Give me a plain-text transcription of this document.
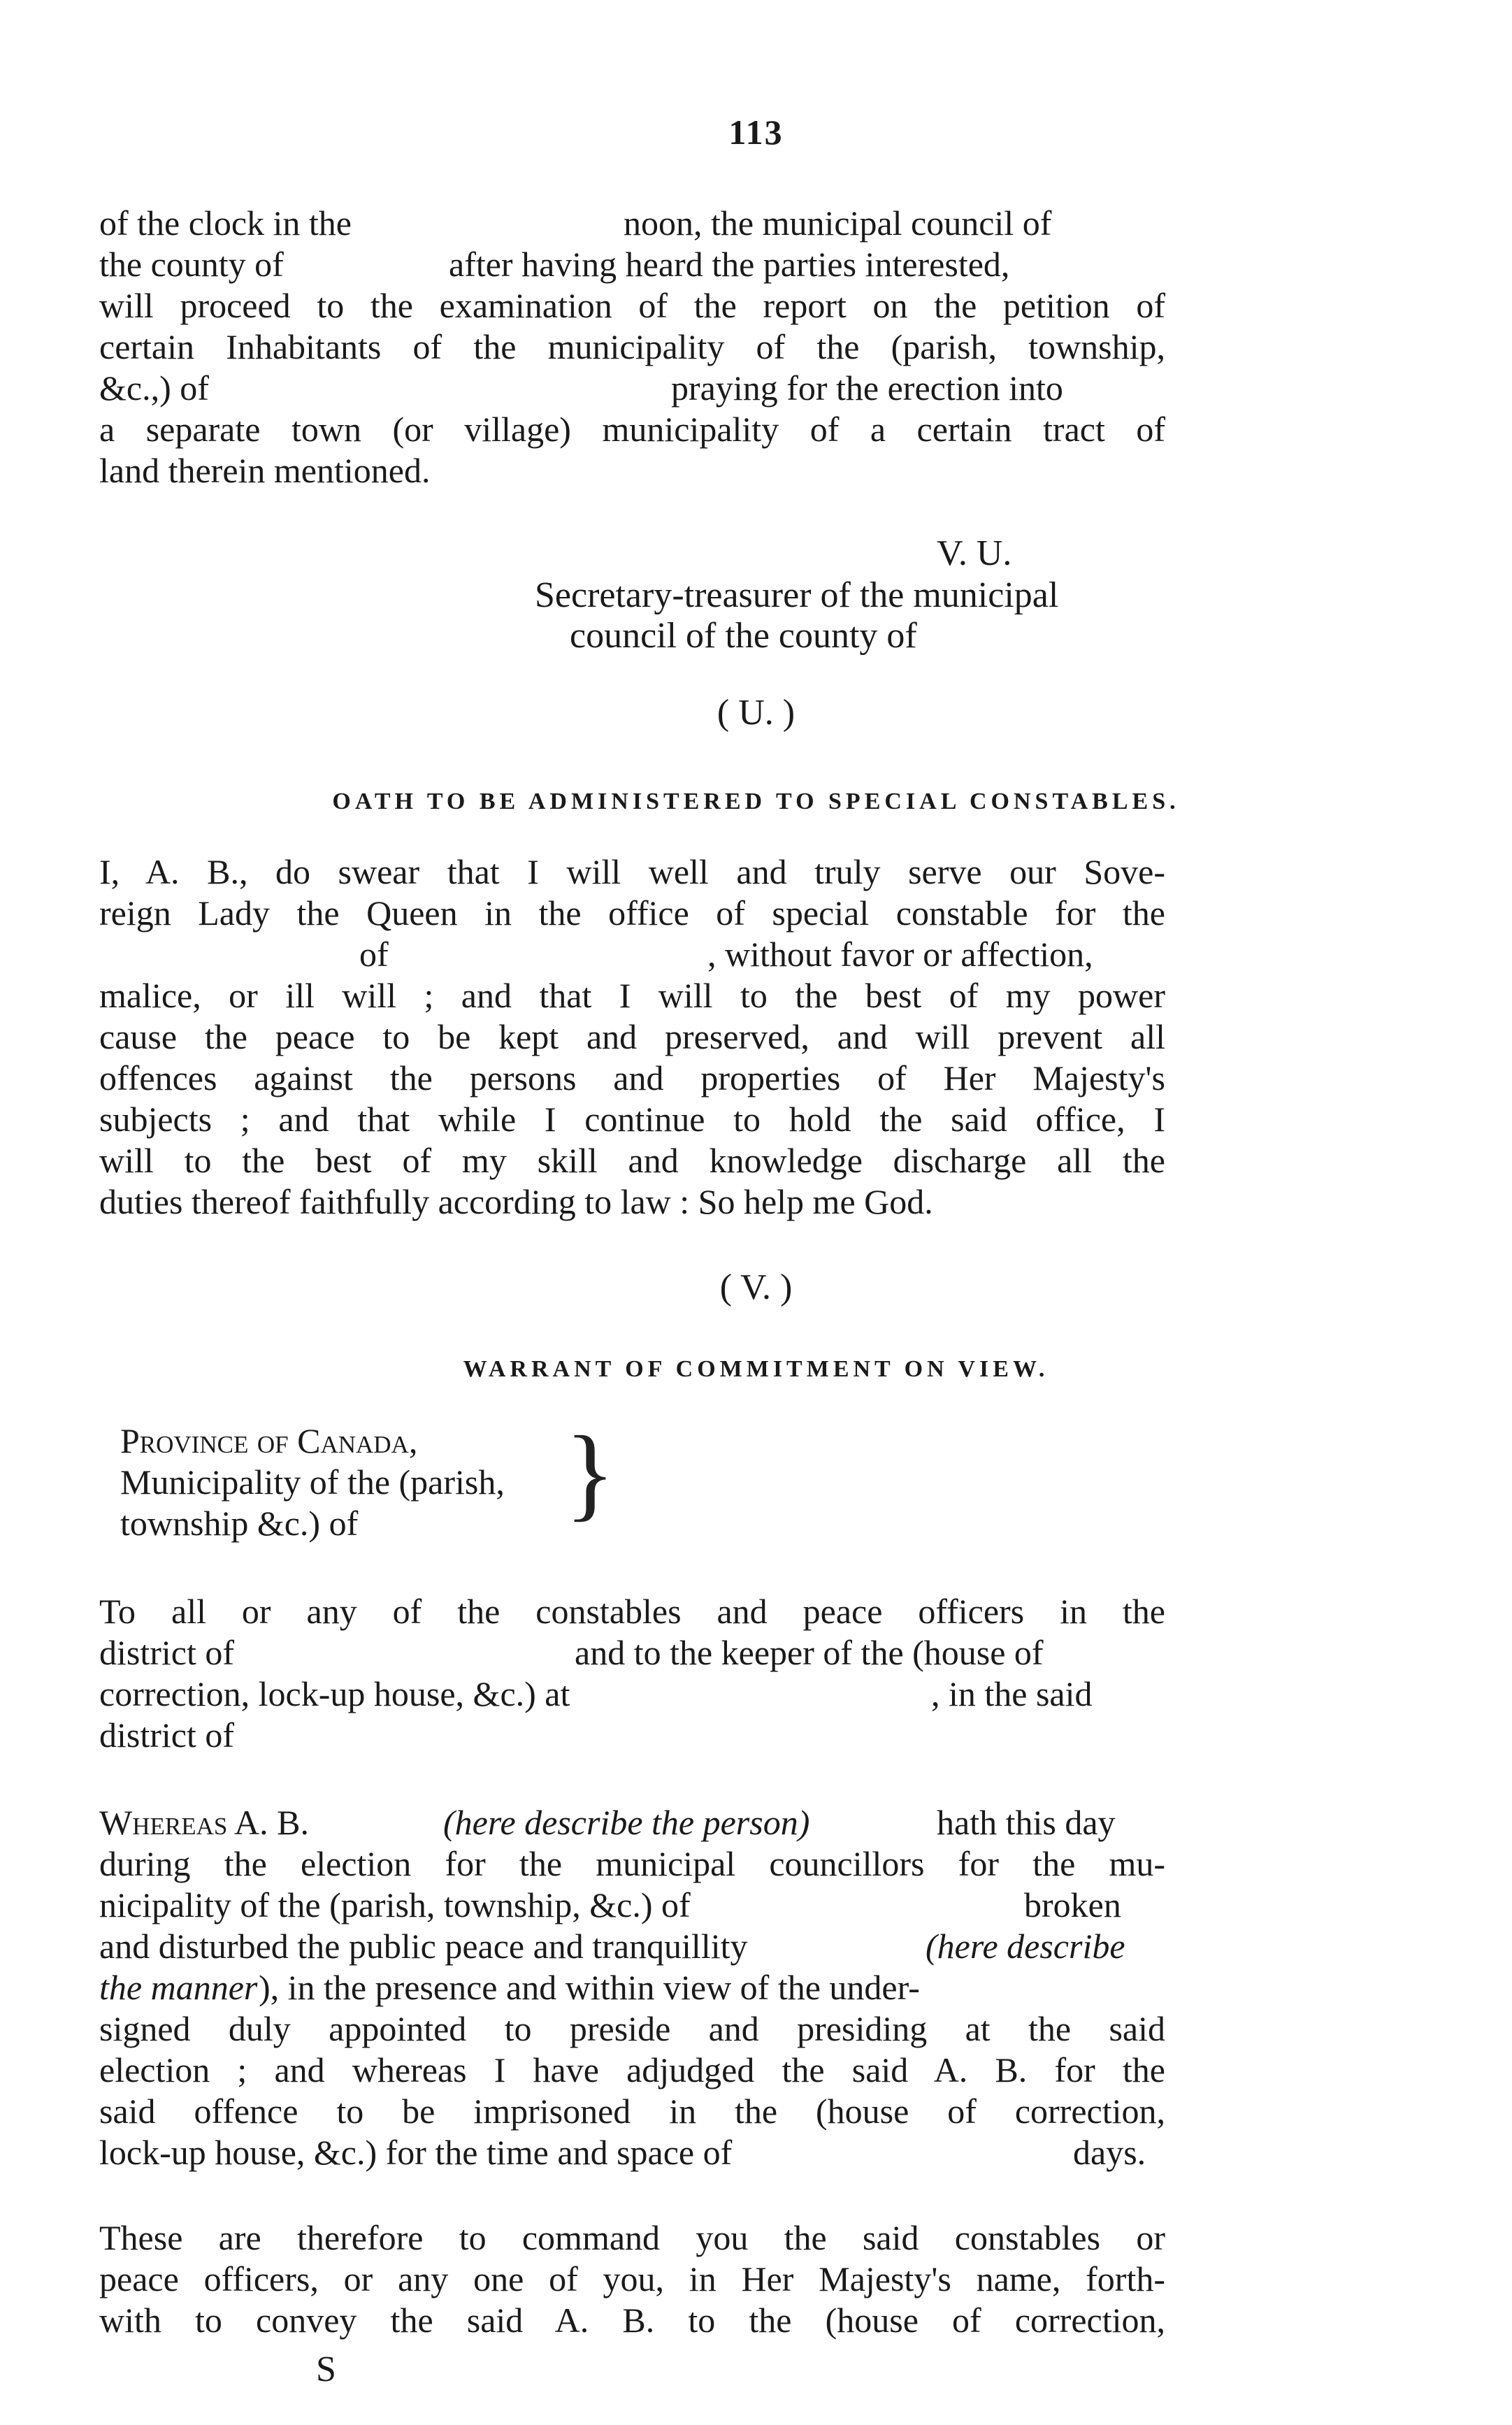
113
of the clock in the	noon, the municipal council of
the county of	after having heard the parties interested,
will proceed to the examination of the report on the petition of
certain Inhabitants of the municipality of the (parish, township,
&c.,) of	praying for the erection into
a separate town (or village) municipality of a certain tract of
land therein mentioned.
V. U.
Secretary-treasurer of the municipal
council of the county of
( U. )
OATH TO BE ADMINISTERED TO SPECIAL CONSTABLES.
I, A. B., do swear that I will well and truly serve our Sove-
reign Lady the Queen in the office of special constable for the
of	, without favor or affection,
malice, or ill will ; and that I will to the best of my power
cause the peace to be kept and preserved, and will prevent all
offences against the persons and properties of Her Majesty's
subjects ; and that while I continue to hold the said office, I
will to the best of my skill and knowledge discharge all the
duties thereof faithfully according to law : So help me God.
( V. )
WARRANT OF COMMITMENT ON VIEW.
Province of Canada,
Municipality of the (parish,
township &c.) of	}
To all or any of the constables and peace officers in the
district of	and to the keeper of the (house of
correction, lock-up house, &c.) at	, in the said
district of
Whereas A. B.	(here describe the person)	hath this day
during the election for the municipal councillors for the mu-
nicipality of the (parish, township, &c.) of	broken
and disturbed the public peace and tranquillity	(here describe
the manner ), in the presence and within view of the under-
signed duly appointed to preside and presiding at the said
election ; and whereas I have adjudged the said A. B. for the
said offence to be imprisoned in the (house of correction,
lock-up house, &c.) for the time and space of	days.
These are therefore to command you the said constables or
peace officers, or any one of you, in Her Majesty's name, forth-
with to convey the said A. B. to the (house of correction,
S
